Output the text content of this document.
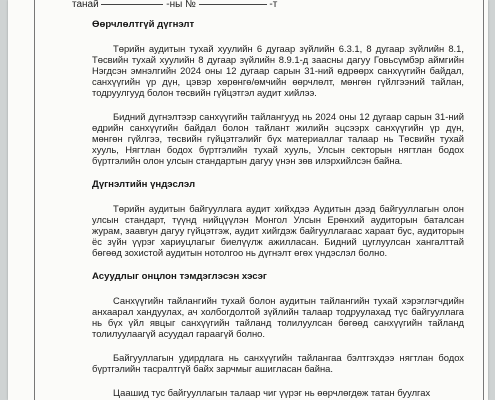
танай	-ны №	-т
Өөрчлөлтгүй дүгнэлт

Төрийн аудитын тухай хуулийн 6 дугаар зүйлийн 6.3.1, 8 дугаар зүйлийн 8.1, Төсвийн тухай хуулийн 8 дугаар зүйлийн 8.9.1-д заасны дагуу Говьсүмбэр аймгийн Нэгдсэн эмнэлгийн 2024 оны 12 дугаар сарын 31-ний өдрөөрх санхүүгийн байдал, санхүүгийн үр дүн, цэвэр хөрөнгө/өмчийн өөрчлөлт, мөнгөн гүйлгээний тайлан, тодруулгууд болон төсвийн гүйцэтгэл аудит хийлээ.

Бидний дүгнэлтээр санхүүгийн тайлангууд нь 2024 оны 12 дугаар сарын 31-ний өдрийн санхүүгийн байдал болон тайлант жилийн эцсээрх санхүүгийн үр дүн, мөнгөн гүйлгээ, төсвийн гүйцэтгэлийг бүх материаллаг талаар нь Төсвийн тухай хууль, Нягтлан бодох бүртгэлийн тухай хууль, Улсын секторын нягтлан бодох бүртгэлийн олон улсын стандартын дагуу үнэн зөв илэрхийлсэн байна.

Дүгнэлтийн үндэслэл

Төрийн аудитын байгууллага аудит хийхдээ Аудитын дээд байгууллагын олон улсын стандарт, түүнд нийцүүлэн Монгол Улсын Ерөнхий аудиторын баталсан журам, заавryн дагуу гүйцэтгэж, аудит хийгдэж байгууллагаас хараат бус, аудиторын ёс зүйн үүрэг хариуцлагыг биелүүлж ажилласан. Бидний цуглуулсан хангалттай бөгөөд зохистой аудитын нотолгоо нь дүгнэлт өгөх үндэслэл болно.

Асуудлыг онцлон тэмдэглэсэн хэсэг

Санхүүгийн тайлангийн тухай болон аудитын тайлангийн тухай хэрэглэгчдийн анхаарал хандуулах, ач холбогдолтой зүйлийн талаар тодруулахад түс байгууллага нь бүх үйл явцыг санхүүгийн тайланд толилуулсан бөгөөд санхүүгийн тайланд толилуулаагүй асуудал гараагүй болно.

Байгууллагын удирдлага нь санхүүгийн тайлангаа бэлтгэхдээ нягтлан бодох бүртгэлийн тасралтгүй байх зарчмыг ашигласан байна.

Цаашид тус байгууллагын талаар чиг үүрэг нь өөрчлөгдөж татан буулгах
